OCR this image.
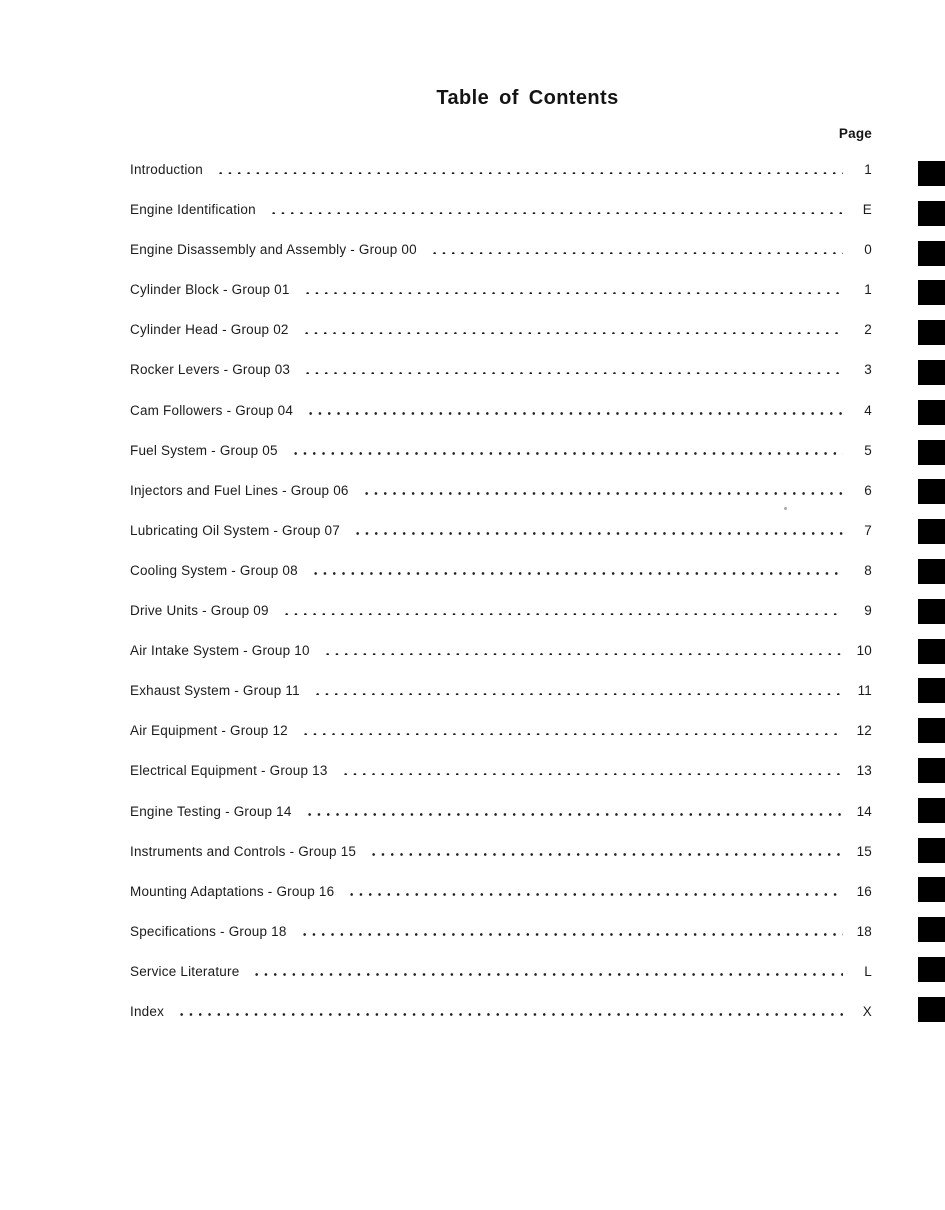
Table of Contents
Page
Introduction	1
Engine Identification	E
Engine Disassembly and Assembly - Group 00	0
Cylinder Block - Group 01	1
Cylinder Head - Group 02	2
Rocker Levers - Group 03	3
Cam Followers - Group 04	4
Fuel System - Group 05	5
Injectors and Fuel Lines - Group 06	6
Lubricating Oil System - Group 07	7
Cooling System - Group 08	8
Drive Units - Group 09	9
Air Intake System - Group 10	10
Exhaust System - Group 11	11
Air Equipment - Group 12	12
Electrical Equipment - Group 13	13
Engine Testing - Group 14	14
Instruments and Controls - Group 15	15
Mounting Adaptations - Group 16	16
Specifications - Group 18	18
Service Literature	L
Index	X
